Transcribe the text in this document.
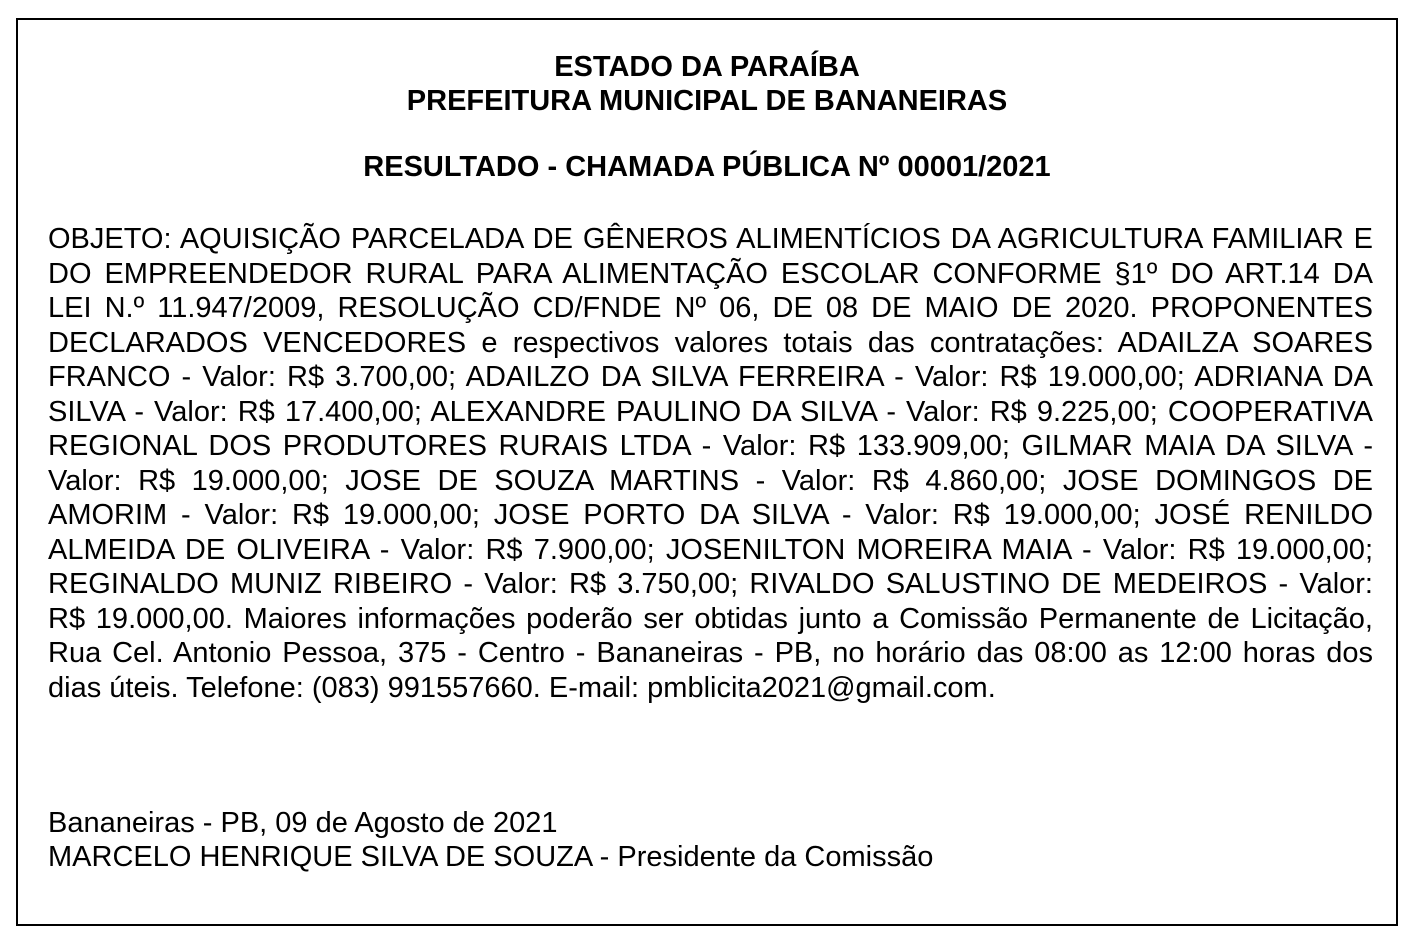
ESTADO DA PARAÍBA
PREFEITURA MUNICIPAL DE BANANEIRAS
RESULTADO - CHAMADA PÚBLICA Nº 00001/2021

OBJETO: AQUISIÇÃO PARCELADA DE GÊNEROS ALIMENTÍCIOS DA AGRICULTURA FAMILIAR E DO EMPREENDEDOR RURAL PARA ALIMENTAÇÃO ESCOLAR CONFORME §1º DO ART.14 DA LEI N.º 11.947/2009, RESOLUÇÃO CD/FNDE Nº 06, DE 08 DE MAIO DE 2020. PROPONENTES DECLARADOS VENCEDORES e respectivos valores totais das contratações: ADAILZA SOARES FRANCO - Valor: R$ 3.700,00; ADAILZO DA SILVA FERREIRA - Valor: R$ 19.000,00; ADRIANA DA SILVA - Valor: R$ 17.400,00; ALEXANDRE PAULINO DA SILVA - Valor: R$ 9.225,00; COOPERATIVA REGIONAL DOS PRODUTORES RURAIS LTDA - Valor: R$ 133.909,00; GILMAR MAIA DA SILVA - Valor: R$ 19.000,00; JOSE DE SOUZA MARTINS - Valor: R$ 4.860,00; JOSE DOMINGOS DE AMORIM - Valor: R$ 19.000,00; JOSE PORTO DA SILVA - Valor: R$ 19.000,00; JOSÉ RENILDO ALMEIDA DE OLIVEIRA - Valor: R$ 7.900,00; JOSENILTON MOREIRA MAIA - Valor: R$ 19.000,00; REGINALDO MUNIZ RIBEIRO - Valor: R$ 3.750,00; RIVALDO SALUSTINO DE MEDEIROS - Valor: R$ 19.000,00. Maiores informações poderão ser obtidas junto a Comissão Permanente de Licitação, Rua Cel. Antonio Pessoa, 375 - Centro - Bananeiras - PB, no horário das 08:00 as 12:00 horas dos dias úteis. Telefone: (083) 991557660. E-mail: pmblicita2021@gmail.com.

Bananeiras - PB, 09 de Agosto de 2021
MARCELO HENRIQUE SILVA DE SOUZA - Presidente da Comissão
